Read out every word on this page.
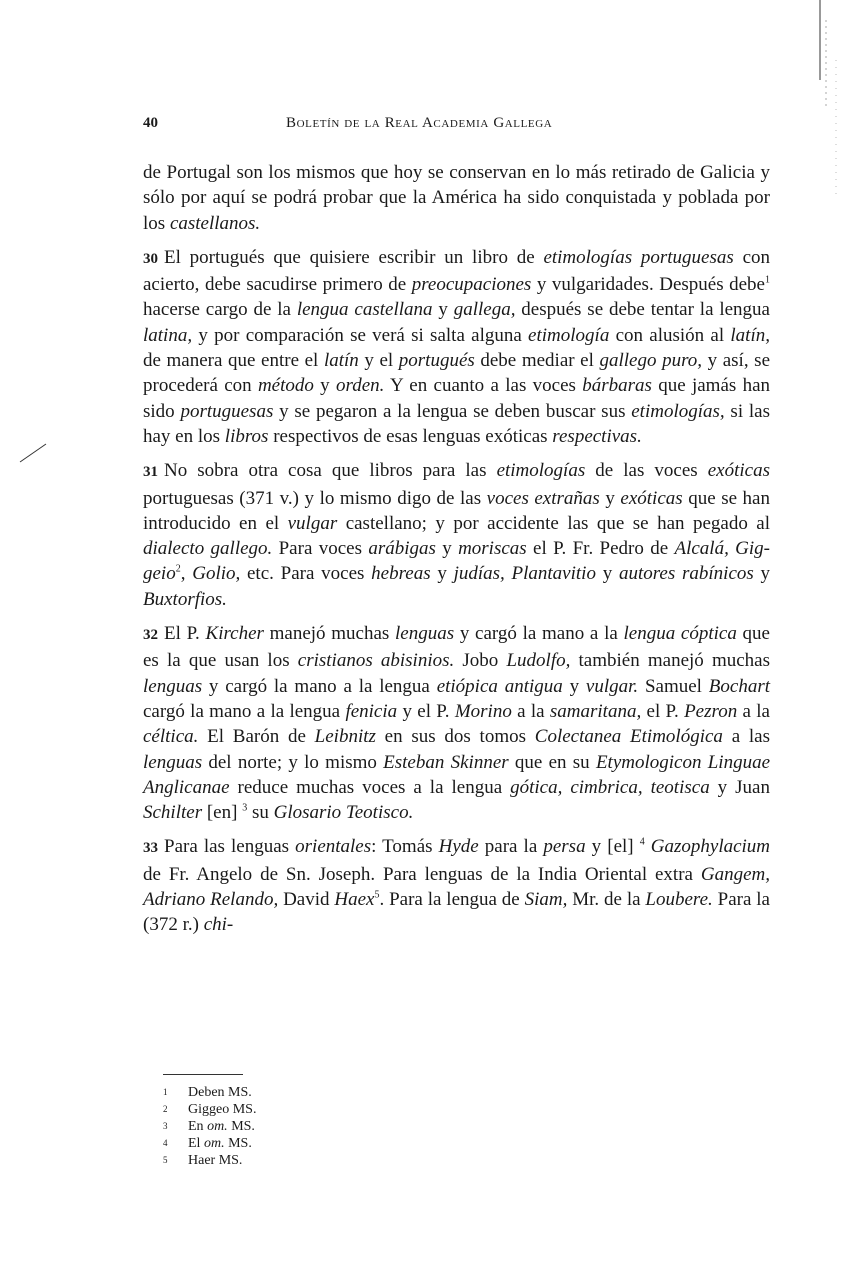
40	Boletín de la Real Academia Gallega

de Portugal son los mismos que hoy se conservan en lo más retirado de Galicia y sólo por aquí se podrá probar que la América ha sido conquistada y poblada por los castellanos.

30 El portugués que quisiere escribir un libro de etimologías portuguesas con acierto, debe sacudirse primero de preocupaciones y vulgaridades. Después debe$^1$ hacerse cargo de la lengua castellana y gallega, después se debe tentar la lengua latina, y por comparación se verá si salta alguna etimología con alusión al latín, de manera que entre el latín y el portugués debe mediar el gallego puro, y así, se procederá con método y orden. Y en cuanto a las voces bárbaras que jamás han sido portuguesas y se pegaron a la lengua se deben buscar sus etimologías, si las hay en los libros respectivos de esas lenguas exóticas respectivas.

31 No sobra otra cosa que libros para las etimologías de las voces exóticas portuguesas (371 v.) y lo mismo digo de las voces extrañas y exóticas que se han introducido en el vulgar castellano; y por accidente las que se han pegado al dialecto gallego. Para voces arábigas y moriscas el P. Fr. Pedro de Alcalá, Giggeio$^2$, Golio, etc. Para voces hebreas y judías, Plantavitio y autores rabínicos y Buxtorfios.

32 El P. Kircher manejó muchas lenguas y cargó la mano a la lengua cóptica que es la que usan los cristianos abisinios. Jobo Ludolfo, también manejó muchas lenguas y cargó la mano a la lengua etiópica antigua y vulgar. Samuel Bochart cargó la mano a la lengua fenicia y el P. Morino a la samaritana, el P. Pezron a la céltica. El Barón de Leibnitz en sus dos tomos Colectanea Etimológica a las lenguas del norte; y lo mismo Esteban Skinner que en su Etymologicon Linguae Anglicanae reduce muchas voces a la lengua gótica, cimbrica, teotisca y Juan Schilter [en] $^3$ su Glosario Teotisco.

33 Para las lenguas orientales: Tomás Hyde para la persa y [el] $^4$ Gazophylacium de Fr. Angelo de Sn. Joseph. Para lenguas de la India Oriental extra Gangem, Adriano Relando, David Haex$^5$. Para la lengua de Siam, Mr. de la Loubere. Para la (372 r.) chi-

1	Deben MS.
2	Giggeo MS.
3	En om. MS.
4	El om. MS.
5	Haer MS.
